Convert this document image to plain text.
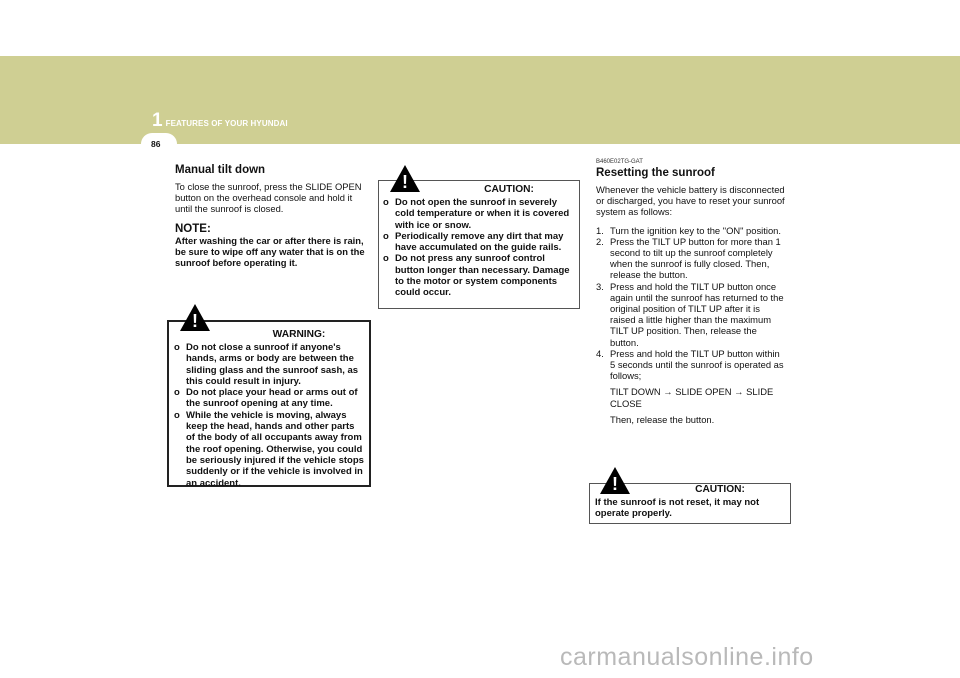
1 FEATURES OF YOUR HYUNDAI
86
Manual tilt down
To close the sunroof, press the SLIDE OPEN button on the overhead console and hold it until the sunroof is closed.
NOTE:
After washing the car or after there is rain, be sure to wipe off any water that is on the sunroof before operating it.
WARNING:
o Do not close a sunroof if anyone's hands, arms or body are between the sliding glass and the sunroof sash, as this could result in injury.
o Do not place your head or arms out of the sunroof opening at any time.
o While the vehicle is moving, always keep the head, hands and other parts of the body of all occupants away from the roof opening. Otherwise, you could be seriously injured if the vehicle stops suddenly or if the vehicle is involved in an accident.
!
CAUTION:
o Do not open the sunroof in severely cold temperature or when it is covered with ice or snow.
o Periodically remove any dirt that may have accumulated on the guide rails.
o Do not press any sunroof control button longer than necessary. Damage to the motor or system components could occur.
!
B460E02TG-GAT
Resetting the sunroof
Whenever the vehicle battery is disconnected or discharged, you have to reset your sunroof system as follows:
1. Turn the ignition key to the "ON" position.
2. Press the TILT UP button for more than 1 second to tilt up the sunroof completely when the sunroof is fully closed. Then, release the button.
3. Press and hold the TILT UP button once again until the sunroof has returned to the original position of TILT UP after it is raised a little higher than the maximum TILT UP position. Then, release the button.
4. Press and hold the TILT UP button within 5 seconds until the sunroof is operated as follows;
TILT DOWN → SLIDE OPEN → SLIDE CLOSE
Then, release the button.
CAUTION:
If the sunroof is not reset, it may not operate properly.
!
carmanualsonline.info
